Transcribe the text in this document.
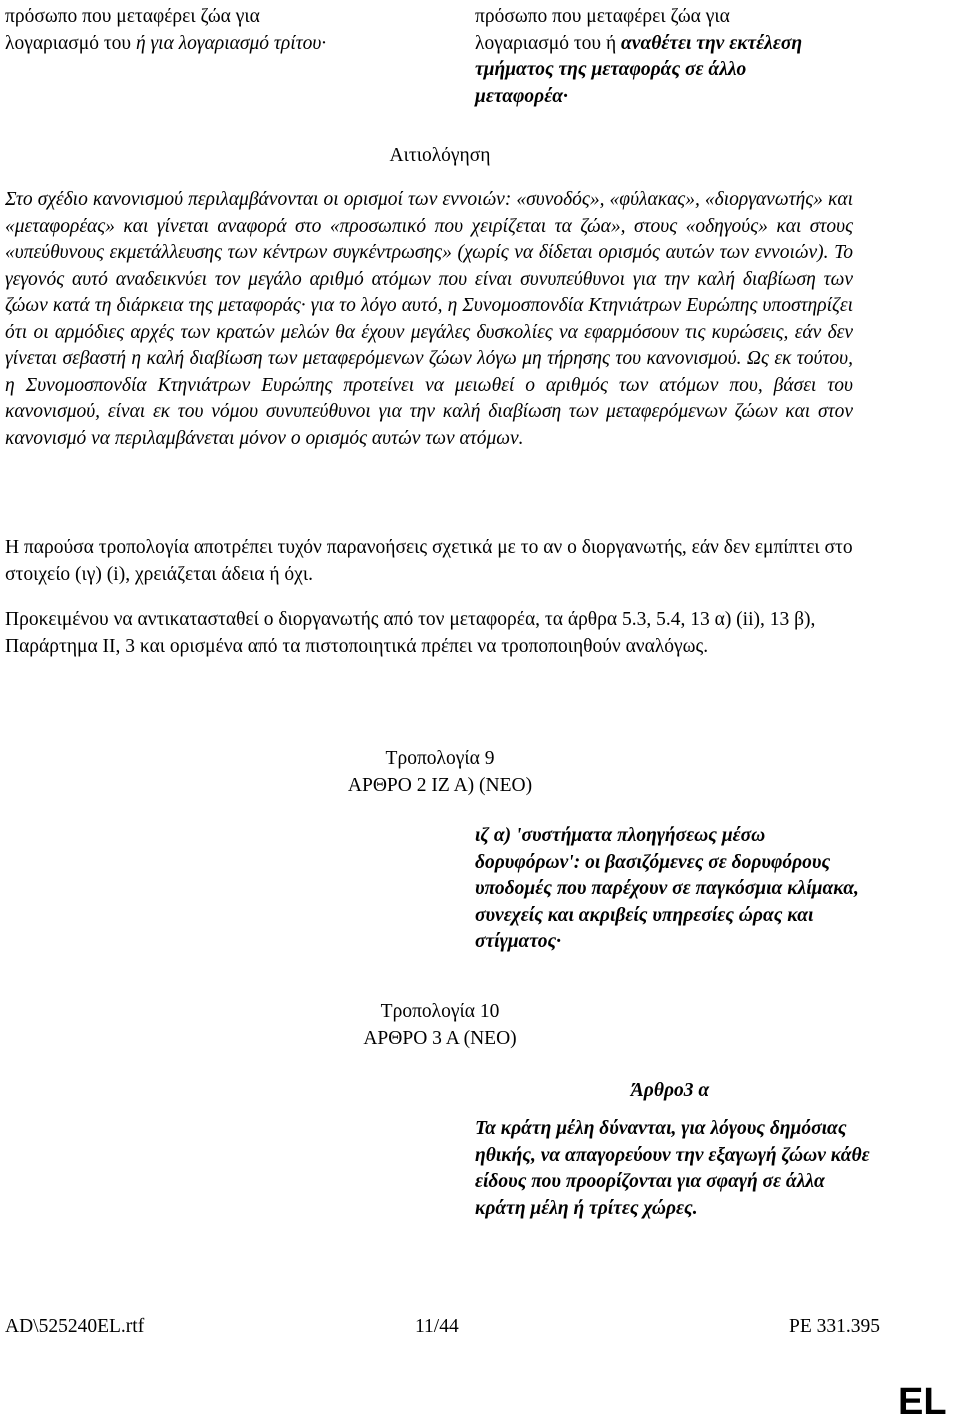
πρόσωπο που μεταφέρει ζώα για

λογαριασμό του ή για λογαριασμό τρίτου·

πρόσωπο που μεταφέρει ζώα για

λογαριασμό του ή αναθέτει την εκτέλεση

τμήματος της μεταφοράς σε άλλο

μεταφορέα·

Αιτιολόγηση

Στο σχέδιο κανονισμού περιλαμβάνονται οι ορισμοί των εννοιών: «συνοδός», «φύλακας», «διοργανωτής» και «μεταφορέας» και γίνεται αναφορά στο «προσωπικό που χειρίζεται τα ζώα», στους «οδηγούς» και στους «υπεύθυνους εκμετάλλευσης των κέντρων συγκέντρωσης» (χωρίς να δίδεται ορισμός αυτών των εννοιών). Το γεγονός αυτό αναδεικνύει τον μεγάλο αριθμό ατόμων που είναι συνυπεύθυνοι για την καλή διαβίωση των ζώων κατά τη διάρκεια της μεταφοράς· για το λόγο αυτό, η Συνομοσπονδία Κτηνιάτρων Ευρώπης υποστηρίζει ότι οι αρμόδιες αρχές των κρατών μελών θα έχουν μεγάλες δυσκολίες να εφαρμόσουν τις κυρώσεις, εάν δεν γίνεται σεβαστή η καλή διαβίωση των μεταφερόμενων ζώων λόγω μη τήρησης του κανονισμού. Ως εκ τούτου, η Συνομοσπονδία Κτηνιάτρων Ευρώπης προτείνει να μειωθεί ο αριθμός των ατόμων που, βάσει του κανονισμού, είναι εκ του νόμου συνυπεύθυνοι για την καλή διαβίωση των μεταφερόμενων ζώων και στον κανονισμό να περιλαμβάνεται μόνον ο ορισμός αυτών των ατόμων.

Η παρούσα τροπολογία αποτρέπει τυχόν παρανοήσεις σχετικά με το αν ο διοργανωτής, εάν δεν εμπίπτει στο στοιχείο (ιγ) (i), χρειάζεται άδεια ή όχι.

Προκειμένου να αντικατασταθεί ο διοργανωτής από τον μεταφορέα, τα άρθρα 5.3, 5.4, 13 α) (ii), 13 β), Παράρτημα ΙΙ, 3 και ορισμένα από τα πιστοποιητικά πρέπει να τροποποιηθούν αναλόγως.

Τροπολογία 9

ΑΡΘΡΟ 2 ΙΖ Α) (ΝΕΟ)

ιζ α) 'συστήματα πλοηγήσεως μέσω δορυφόρων': οι βασιζόμενες σε δορυφόρους υποδομές που παρέχουν σε παγκόσμια κλίμακα, συνεχείς και ακριβείς υπηρεσίες ώρας και στίγματος·

Τροπολογία 10

ΑΡΘΡΟ 3 Α (ΝΕΟ)

Άρθρο3 α

Τα κράτη μέλη δύνανται, για λόγους δημόσιας ηθικής, να απαγορεύουν την εξαγωγή ζώων κάθε είδους που προορίζονται για σφαγή σε άλλα κράτη μέλη ή τρίτες χώρες.

AD\525240EL.rtf	11/44	PE 331.395
EL
